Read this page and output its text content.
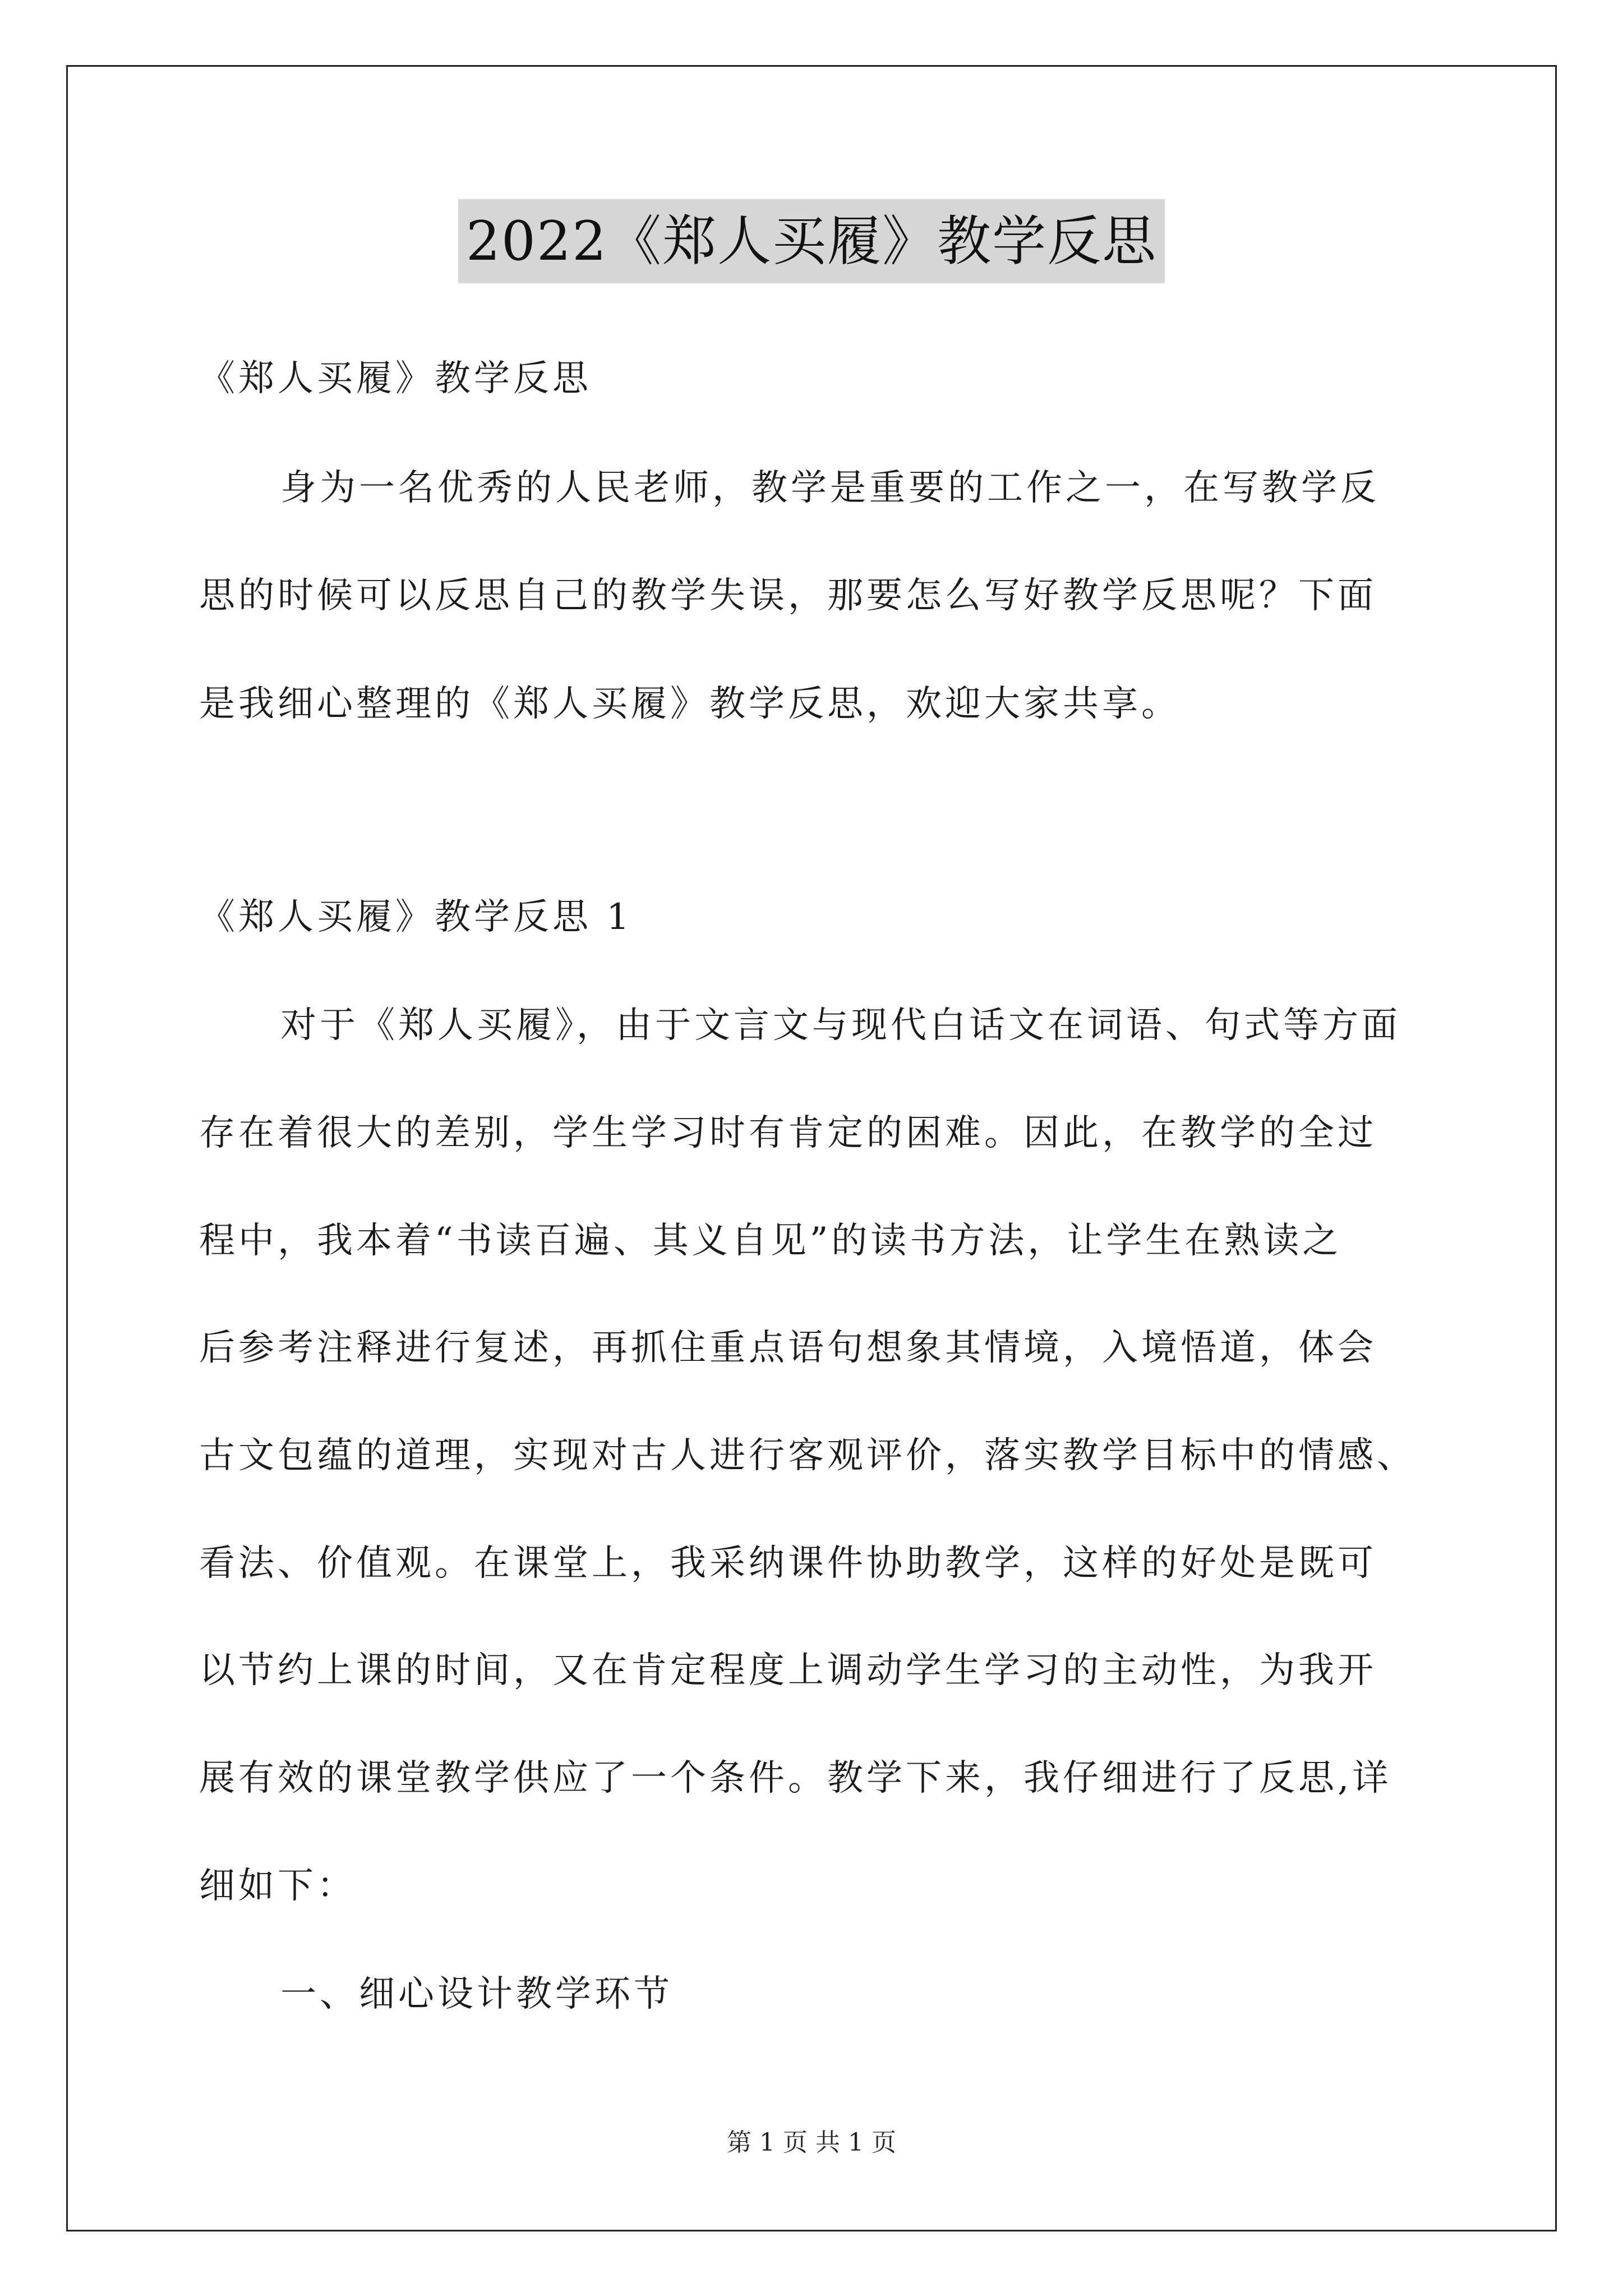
2022《郑人买履》教学反思
《郑人买履》教学反思
身为一名优秀的人民老师，教学是重要的工作之一，在写教学反
思的时候可以反思自己的教学失误，那要怎么写好教学反思呢？下面
是我细心整理的《郑人买履》教学反思，欢迎大家共享。
《郑人买履》教学反思 1
对于《郑人买履》，由于文言文与现代白话文在词语、句式等方面
存在着很大的差别，学生学习时有肯定的困难。因此，在教学的全过
程中，我本着“书读百遍、其义自见”的读书方法，让学生在熟读之
后参考注释进行复述，再抓住重点语句想象其情境，入境悟道，体会
古文包蕴的道理，实现对古人进行客观评价，落实教学目标中的情感、
看法、价值观。在课堂上，我采纳课件协助教学，这样的好处是既可
以节约上课的时间，又在肯定程度上调动学生学习的主动性，为我开
展有效的课堂教学供应了一个条件。教学下来，我仔细进行了反思,详
细如下：
一、细心设计教学环节
第 1 页 共 1 页
